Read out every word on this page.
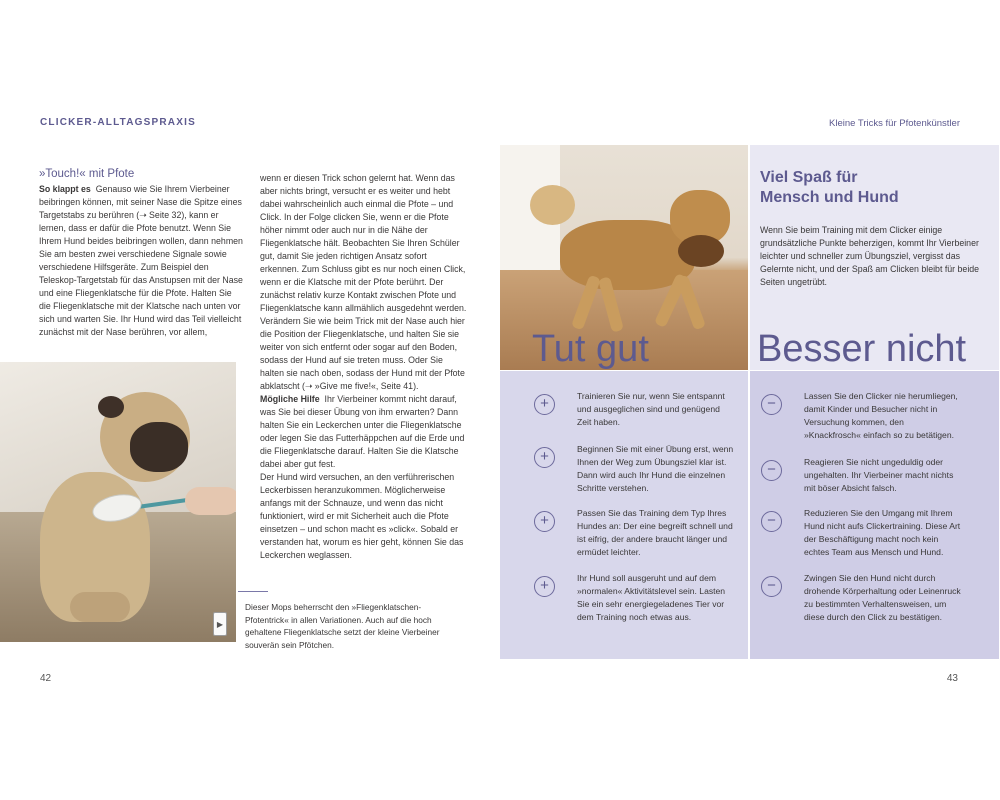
CLICKER-ALLTAGSPRAXIS	Kleine Tricks für Pfotenkünstler
»Touch!« mit Pfote

So klappt es Genauso wie Sie Ihrem Vierbeiner beibringen können, mit seiner Nase die Spitze eines Targetstabs zu berühren (➝ Seite 32), kann er lernen, dass er dafür die Pfote benutzt. Wenn Sie Ihrem Hund beides beibringen wollen, dann nehmen Sie am besten zwei verschiedene Signale sowie verschiedene Hilfsgeräte. Zum Beispiel den Teleskop-Targetstab für das Anstupsen mit der Nase und eine Fliegenklatsche für die Pfote. Halten Sie die Fliegenklatsche mit der Klatsche nach unten vor sich und warten Sie. Ihr Hund wird das Teil vielleicht zunächst mit der Nase berühren, vor allem,

wenn er diesen Trick schon gelernt hat. Wenn das aber nichts bringt, versucht er es weiter und hebt dabei wahrscheinlich auch einmal die Pfote – und Click. In der Folge clicken Sie, wenn er die Pfote höher nimmt oder auch nur in die Nähe der Fliegenklatsche hält. Beobachten Sie Ihren Schüler gut, damit Sie jeden richtigen Ansatz sofort erkennen. Zum Schluss gibt es nur noch einen Click, wenn er die Klatsche mit der Pfote berührt. Der zunächst relativ kurze Kontakt zwischen Pfote und Fliegenklatsche kann allmählich ausgedehnt werden. Verändern Sie wie beim Trick mit der Nase auch hier die Position der Fliegenklatsche, und halten Sie sie weiter von sich entfernt oder sogar auf den Boden, sodass der Hund auf sie treten muss. Oder Sie halten sie nach oben, sodass der Hund mit der Pfote abklatscht (➝ »Give me five!«, Seite 41).

Mögliche Hilfe Ihr Vierbeiner kommt nicht darauf, was Sie bei dieser Übung von ihm erwarten? Dann halten Sie ein Leckerchen unter die Fliegenklatsche oder legen Sie das Futterhäppchen auf die Erde und die Fliegenklatsche darauf. Halten Sie die Klatsche dabei aber gut fest.

Der Hund wird versuchen, an den verführerischen Leckerbissen heranzukommen. Möglicherweise anfangs mit der Schnauze, und wenn das nicht funktioniert, wird er mit Sicherheit auch die Pfote einsetzen – und schon macht es »click«. Sobald er verstanden hat, worum es hier geht, können Sie das Leckerchen weglassen.

▶
Dieser Mops beherrscht den »Fliegenklatschen-Pfotentrick« in allen Variationen. Auch auf die hoch gehaltene Fliegenklatsche setzt der kleine Vierbeiner souverän sein Pfötchen.
42
Viel Spaß für
Mensch und Hund
Wenn Sie beim Training mit dem Clicker einige grundsätzliche Punkte beherzigen, kommt Ihr Vierbeiner leichter und schneller zum Übungsziel, vergisst das Gelernte nicht, und der Spaß am Clicken bleibt für beide Seiten ungetrübt.
Tut gut	Besser nicht
+	Trainieren Sie nur, wenn Sie entspannt und ausgeglichen sind und genügend Zeit haben.
+	Beginnen Sie mit einer Übung erst, wenn Ihnen der Weg zum Übungsziel klar ist. Dann wird auch Ihr Hund die einzelnen Schritte verstehen.
+	Passen Sie das Training dem Typ Ihres Hundes an: Der eine begreift schnell und ist eifrig, der andere braucht länger und ermüdet leichter.
+	Ihr Hund soll ausgeruht und auf dem »normalen« Aktivitätslevel sein. Lasten Sie ein sehr energiegeladenes Tier vor dem Training noch etwas aus.
−	Lassen Sie den Clicker nie herumliegen, damit Kinder und Besucher nicht in Versuchung kommen, den »Knackfrosch« einfach so zu betätigen.
−	Reagieren Sie nicht ungeduldig oder ungehalten. Ihr Vierbeiner macht nichts mit böser Absicht falsch.
−	Reduzieren Sie den Umgang mit Ihrem Hund nicht aufs Clickertraining. Diese Art der Beschäftigung macht noch kein echtes Team aus Mensch und Hund.
−	Zwingen Sie den Hund nicht durch drohende Körperhaltung oder Leinenruck zu bestimmten Verhaltensweisen, um diese durch den Click zu bestätigen.
43
